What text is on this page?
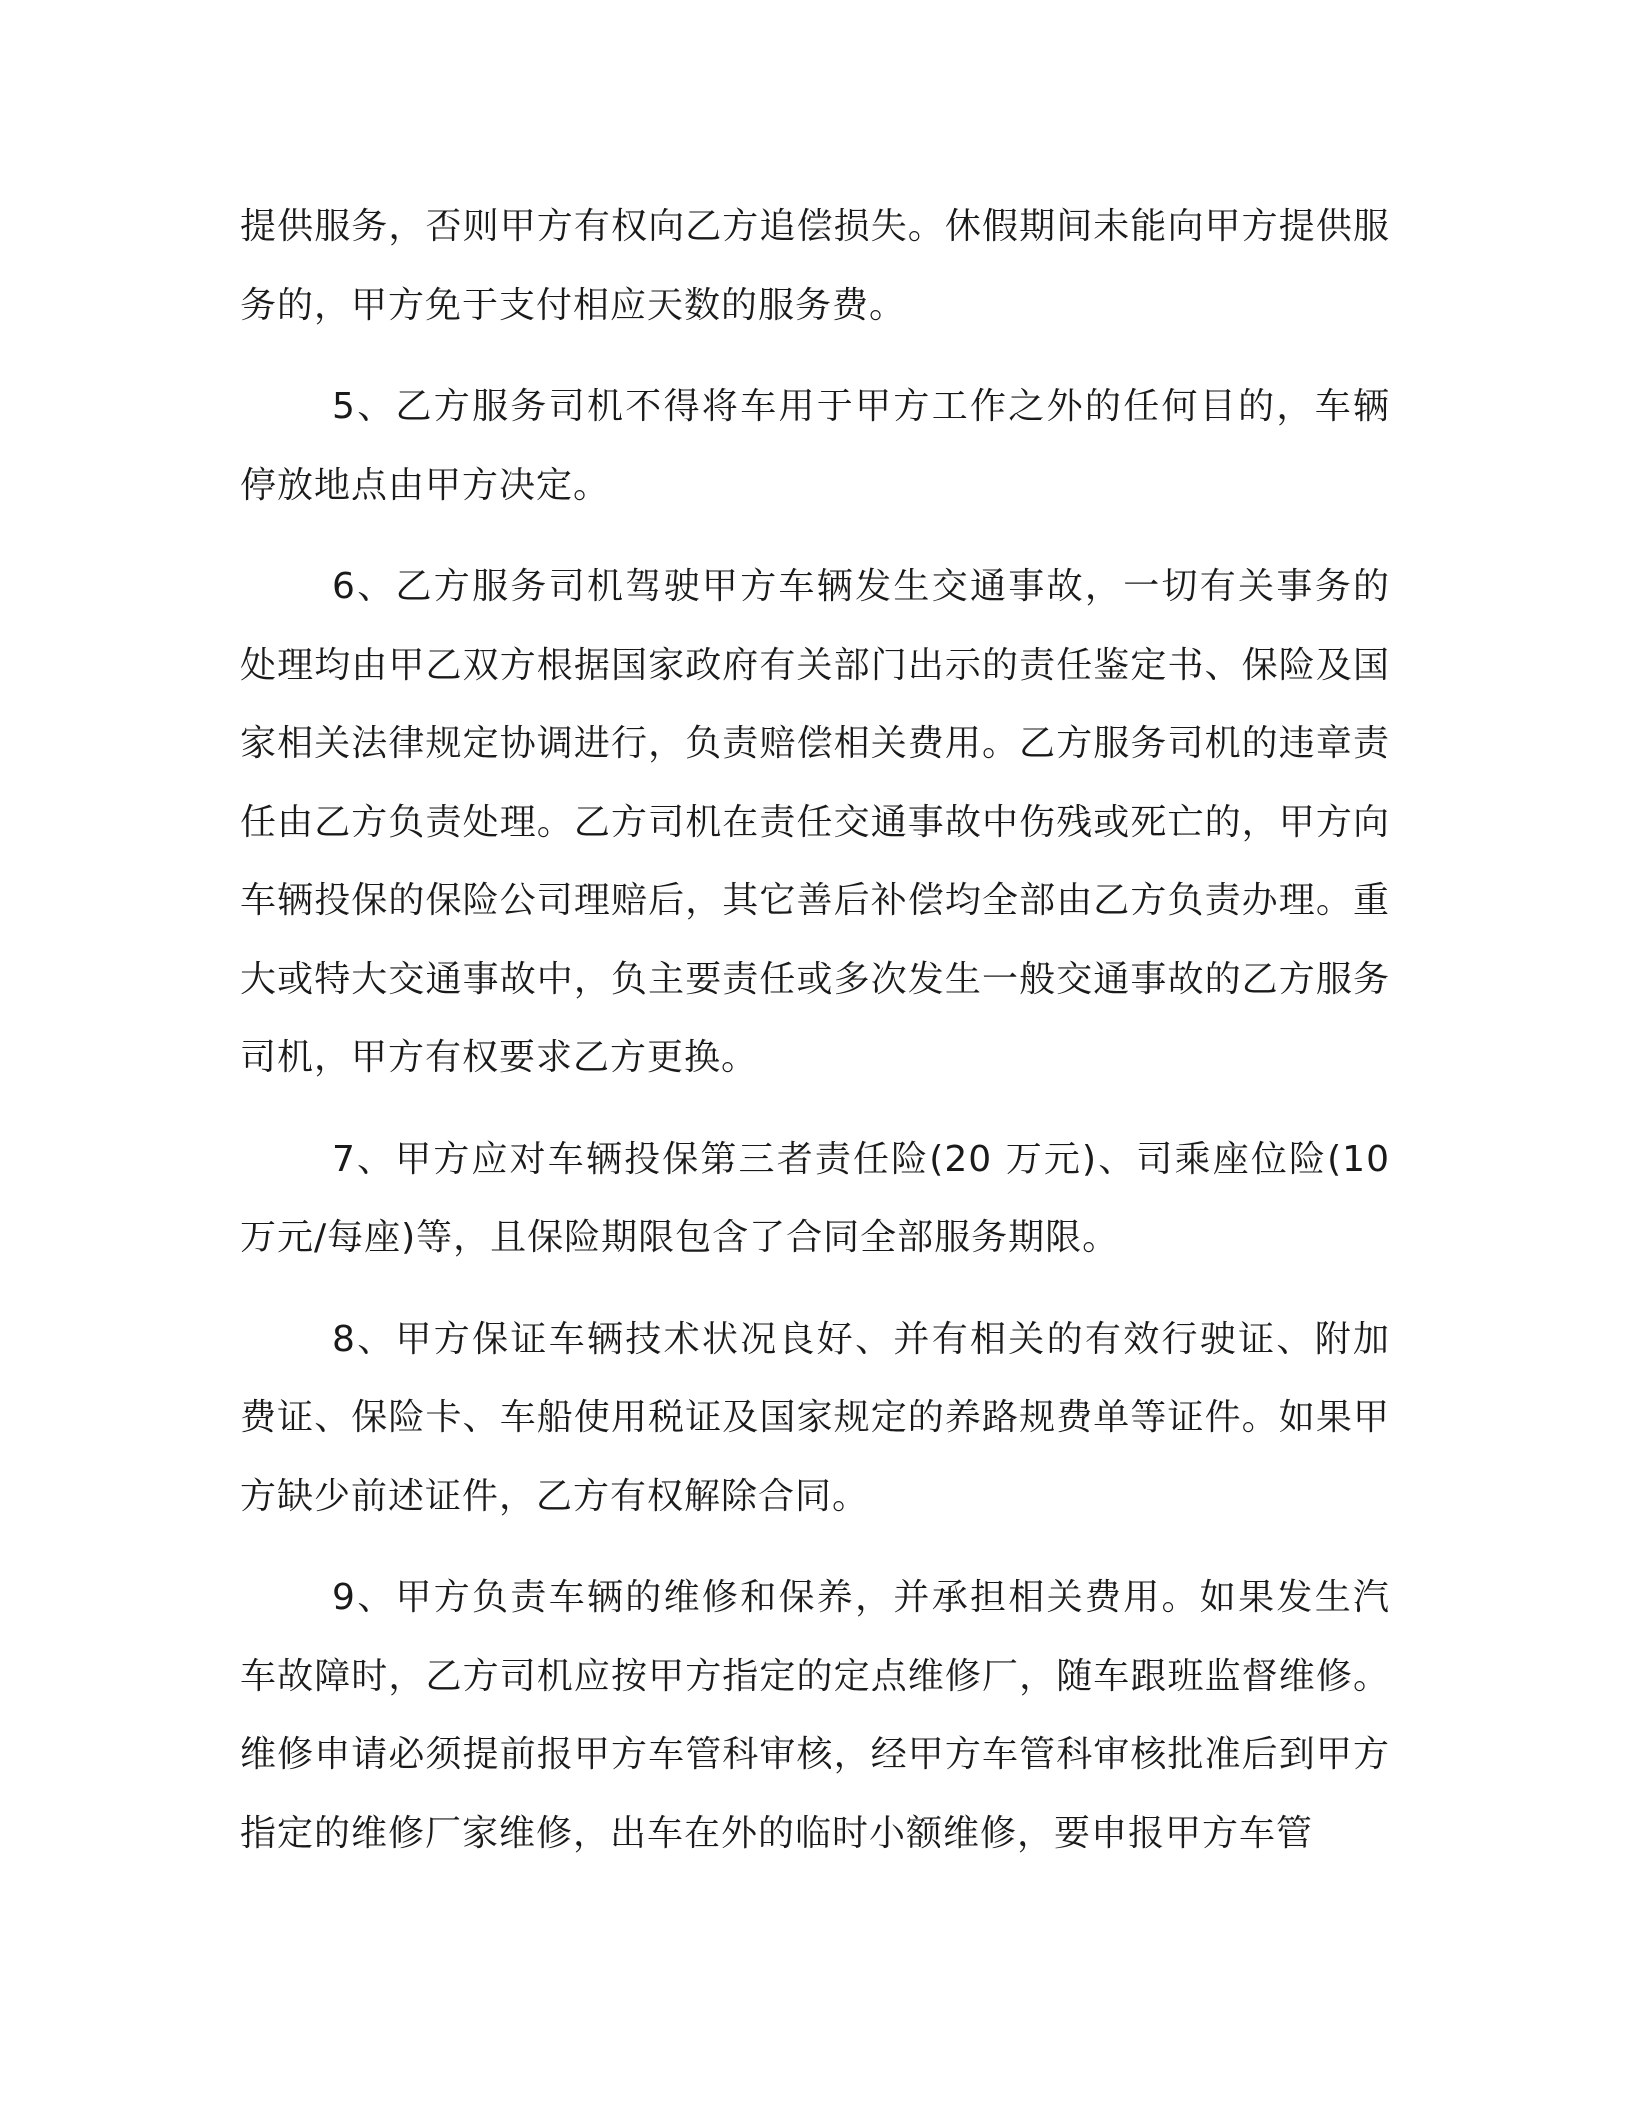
提供服务，否则甲方有权向乙方追偿损失。休假期间未能向甲方提供服务的，甲方免于支付相应天数的服务费。

5、乙方服务司机不得将车用于甲方工作之外的任何目的，车辆停放地点由甲方决定。

6、乙方服务司机驾驶甲方车辆发生交通事故，一切有关事务的处理均由甲乙双方根据国家政府有关部门出示的责任鉴定书、保险及国家相关法律规定协调进行，负责赔偿相关费用。乙方服务司机的违章责任由乙方负责处理。乙方司机在责任交通事故中伤残或死亡的，甲方向车辆投保的保险公司理赔后，其它善后补偿均全部由乙方负责办理。重大或特大交通事故中，负主要责任或多次发生一般交通事故的乙方服务司机，甲方有权要求乙方更换。

7、甲方应对车辆投保第三者责任险(20 万元)、司乘座位险(10 万元/每座)等，且保险期限包含了合同全部服务期限。

8、甲方保证车辆技术状况良好、并有相关的有效行驶证、附加费证、保险卡、车船使用税证及国家规定的养路规费单等证件。如果甲方缺少前述证件，乙方有权解除合同。

9、甲方负责车辆的维修和保养，并承担相关费用。如果发生汽车故障时，乙方司机应按甲方指定的定点维修厂，随车跟班监督维修。维修申请必须提前报甲方车管科审核，经甲方车管科审核批准后到甲方指定的维修厂家维修，出车在外的临时小额维修，要申报甲方车管
